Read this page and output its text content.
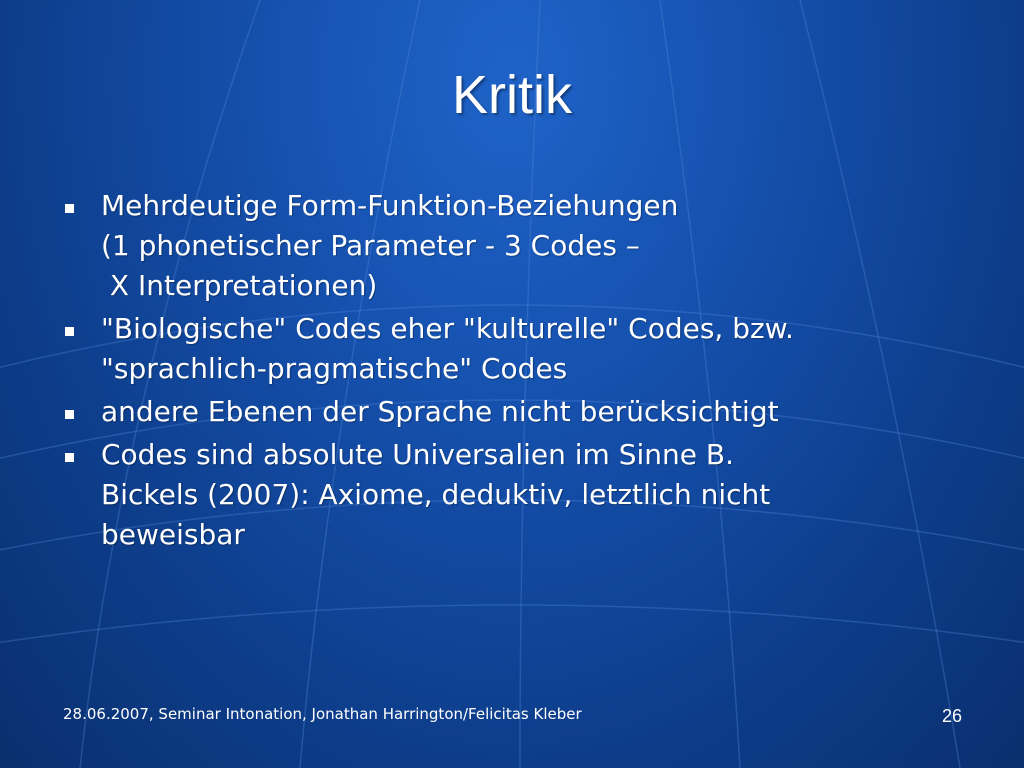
Kritik
Mehrdeutige Form-Funktion-Beziehungen
(1 phonetischer Parameter - 3 Codes –
X Interpretationen)
"Biologische" Codes eher "kulturelle" Codes, bzw.
"sprachlich-pragmatische" Codes
andere Ebenen der Sprache nicht berücksichtigt
Codes sind absolute Universalien im Sinne B.
Bickels (2007): Axiome, deduktiv, letztlich nicht
beweisbar
28.06.2007, Seminar Intonation, Jonathan Harrington/Felicitas Kleber	26
